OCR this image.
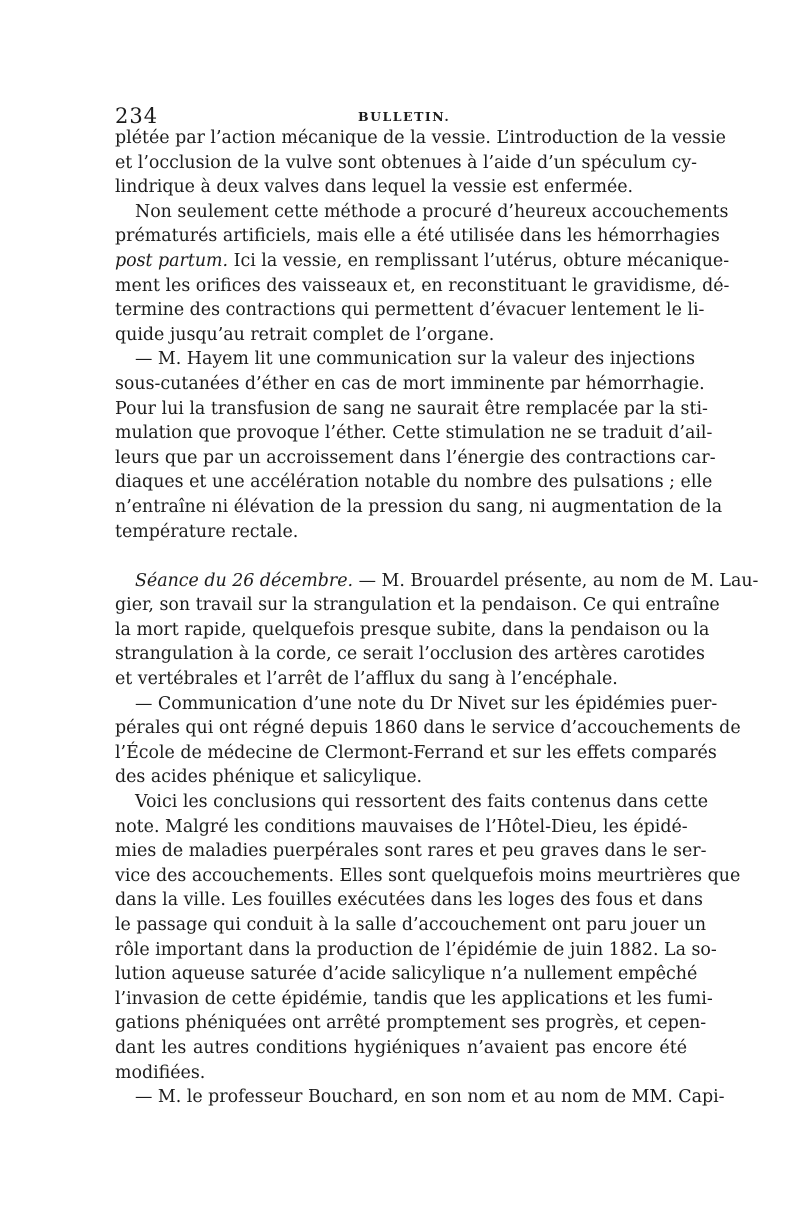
234	BULLETIN.
plétée par l’action mécanique de la vessie. L’introduction de la vessie
et l’occlusion de la vulve sont obtenues à l’aide d’un spéculum cy-
lindrique à deux valves dans lequel la vessie est enfermée.
Non seulement cette méthode a procuré d’heureux accouchements
prématurés artificiels, mais elle a été utilisée dans les hémorrhagies
post partum. Ici la vessie, en remplissant l’utérus, obture mécanique-
ment les orifices des vaisseaux et, en reconstituant le gravidisme, dé-
termine des contractions qui permettent d’évacuer lentement le li-
quide jusqu’au retrait complet de l’organe.
— M. Hayem lit une communication sur la valeur des injections
sous-cutanées d’éther en cas de mort imminente par hémorrhagie.
Pour lui la transfusion de sang ne saurait être remplacée par la sti-
mulation que provoque l’éther. Cette stimulation ne se traduit d’ail-
leurs que par un accroissement dans l’énergie des contractions car-
diaques et une accélération notable du nombre des pulsations ; elle
n’entraîne ni élévation de la pression du sang, ni augmentation de la
température rectale.
Séance du 26 décembre. — M. Brouardel présente, au nom de M. Lau-
gier, son travail sur la strangulation et la pendaison. Ce qui entraîne
la mort rapide, quelquefois presque subite, dans la pendaison ou la
strangulation à la corde, ce serait l’occlusion des artères carotides
et vertébrales et l’arrêt de l’afflux du sang à l’encéphale.
— Communication d’une note du Dr Nivet sur les épidémies puer-
pérales qui ont régné depuis 1860 dans le service d’accouchements de
l’École de médecine de Clermont-Ferrand et sur les effets comparés
des acides phénique et salicylique.
Voici les conclusions qui ressortent des faits contenus dans cette
note. Malgré les conditions mauvaises de l’Hôtel-Dieu, les épidé-
mies de maladies puerpérales sont rares et peu graves dans le ser-
vice des accouchements. Elles sont quelquefois moins meurtrières que
dans la ville. Les fouilles exécutées dans les loges des fous et dans
le passage qui conduit à la salle d’accouchement ont paru jouer un
rôle important dans la production de l’épidémie de juin 1882. La so-
lution aqueuse saturée d’acide salicylique n’a nullement empêché
l’invasion de cette épidémie, tandis que les applications et les fumi-
gations phéniquées ont arrêté promptement ses progrès, et cepen-
dant les autres conditions hygiéniques n’avaient pas encore été
modifiées.
— M. le professeur Bouchard, en son nom et au nom de MM. Capi-
